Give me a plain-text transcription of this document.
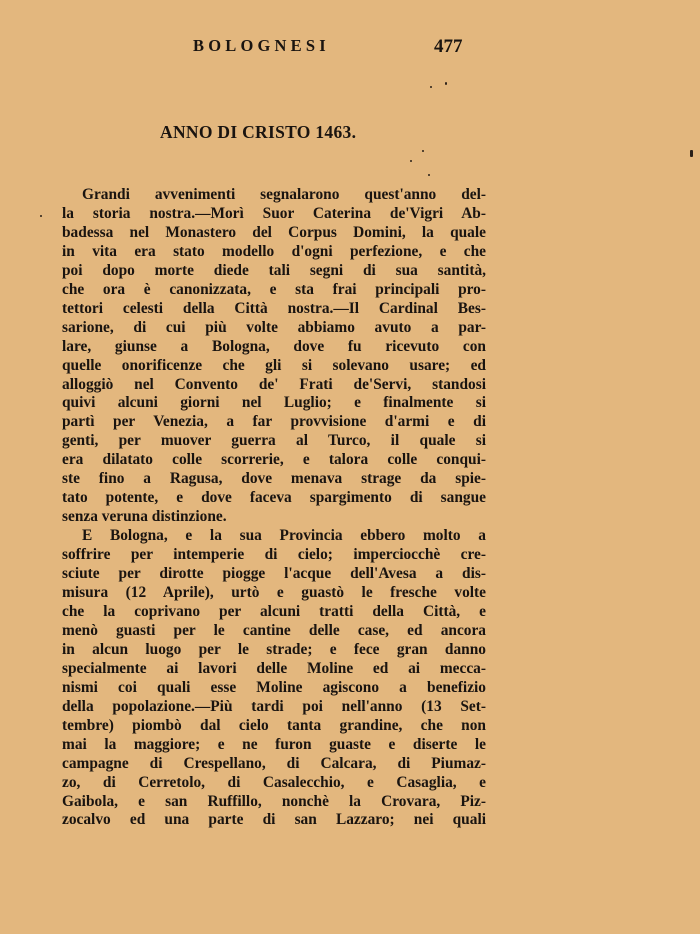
BOLOGNESI	477
ANNO DI CRISTO 1463.
Grandi avvenimenti segnalarono quest'anno del-
la storia nostra.—Morì Suor Caterina de'Vigri Ab-
badessa nel Monastero del Corpus Domini, la quale
in vita era stato modello d'ogni perfezione, e che
poi dopo morte diede tali segni di sua santità,
che ora è canonizzata, e sta frai principali pro-
tettori celesti della Città nostra.—Il Cardinal Bes-
sarione, di cui più volte abbiamo avuto a par-
lare, giunse a Bologna, dove fu ricevuto con
quelle onorificenze che gli si solevano usare; ed
alloggiò nel Convento de' Frati de'Servi, standosi
quivi alcuni giorni nel Luglio; e finalmente si
partì per Venezia, a far provvisione d'armi e di
genti, per muover guerra al Turco, il quale si
era dilatato colle scorrerie, e talora colle conqui-
ste fino a Ragusa, dove menava strage da spie-
tato potente, e dove faceva spargimento di sangue
senza veruna distinzione.
E Bologna, e la sua Provincia ebbero molto a
soffrire per intemperie di cielo; imperciocchè cre-
sciute per dirotte piogge l'acque dell'Avesa a dis-
misura (12 Aprile), urtò e guastò le fresche volte
che la coprivano per alcuni tratti della Città, e
menò guasti per le cantine delle case, ed ancora
in alcun luogo per le strade; e fece gran danno
specialmente ai lavori delle Moline ed ai mecca-
nismi coi quali esse Moline agiscono a benefizio
della popolazione.—Più tardi poi nell'anno (13 Set-
tembre) piombò dal cielo tanta grandine, che non
mai la maggiore; e ne furon guaste e diserte le
campagne di Crespellano, di Calcara, di Piumaz-
zo, di Cerretolo, di Casalecchio, e Casaglia, e
Gaibola, e san Ruffillo, nonchè la Crovara, Piz-
zocalvo ed una parte di san Lazzaro; nei quali
